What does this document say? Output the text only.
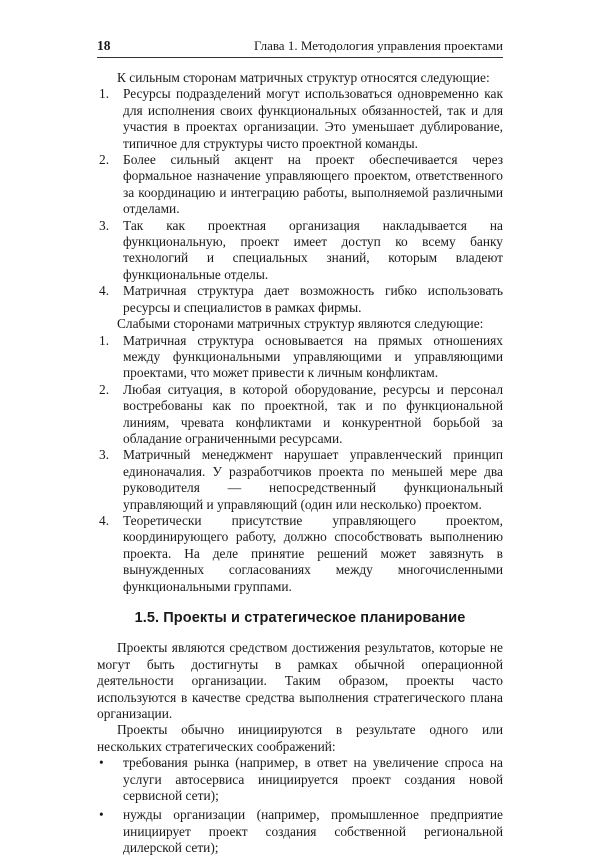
18	Глава 1. Методология управления проектами

К сильным сторонам матричных структур относятся следующие:

1. Ресурсы подразделений могут использоваться одновременно как для исполнения своих функциональных обязанностей, так и для участия в проектах организации. Это уменьшает дублирование, типичное для структуры чисто проектной команды.
2. Более сильный акцент на проект обеспечивается через формальное назначение управляющего проектом, ответственного за координацию и интеграцию работы, выполняемой различными отделами.
3. Так как проектная организация накладывается на функциональную, проект имеет доступ ко всему банку технологий и специальных знаний, которым владеют функциональные отделы.
4. Матричная структура дает возможность гибко использовать ресурсы и специалистов в рамках фирмы.

Слабыми сторонами матричных структур являются следующие:

1. Матричная структура основывается на прямых отношениях между функциональными управляющими и управляющими проектами, что может привести к личным конфликтам.
2. Любая ситуация, в которой оборудование, ресурсы и персонал востребованы как по проектной, так и по функциональной линиям, чревата конфликтами и конкурентной борьбой за обладание ограниченными ресурсами.
3. Матричный менеджмент нарушает управленческий принцип единоначалия. У разработчиков проекта по меньшей мере два руководителя — непосредственный функциональный управляющий и управляющий (один или несколько) проектом.
4. Теоретически присутствие управляющего проектом, координирующего работу, должно способствовать выполнению проекта. На деле принятие решений может завязнуть в вынужденных согласованиях между многочисленными функциональными группами.
1.5. Проекты и стратегическое планирование

Проекты являются средством достижения результатов, которые не могут быть достигнуты в рамках обычной операционной деятельности организации. Таким образом, проекты часто используются в качестве средства выполнения стратегического плана организации.

Проекты обычно инициируются в результате одного или нескольких стратегических соображений:

• требования рынка (например, в ответ на увеличение спроса на услуги автосервиса инициируется проект создания новой сервисной сети);
• нужды организации (например, промышленное предприятие инициирует проект создания собственной региональной дилерской сети);
